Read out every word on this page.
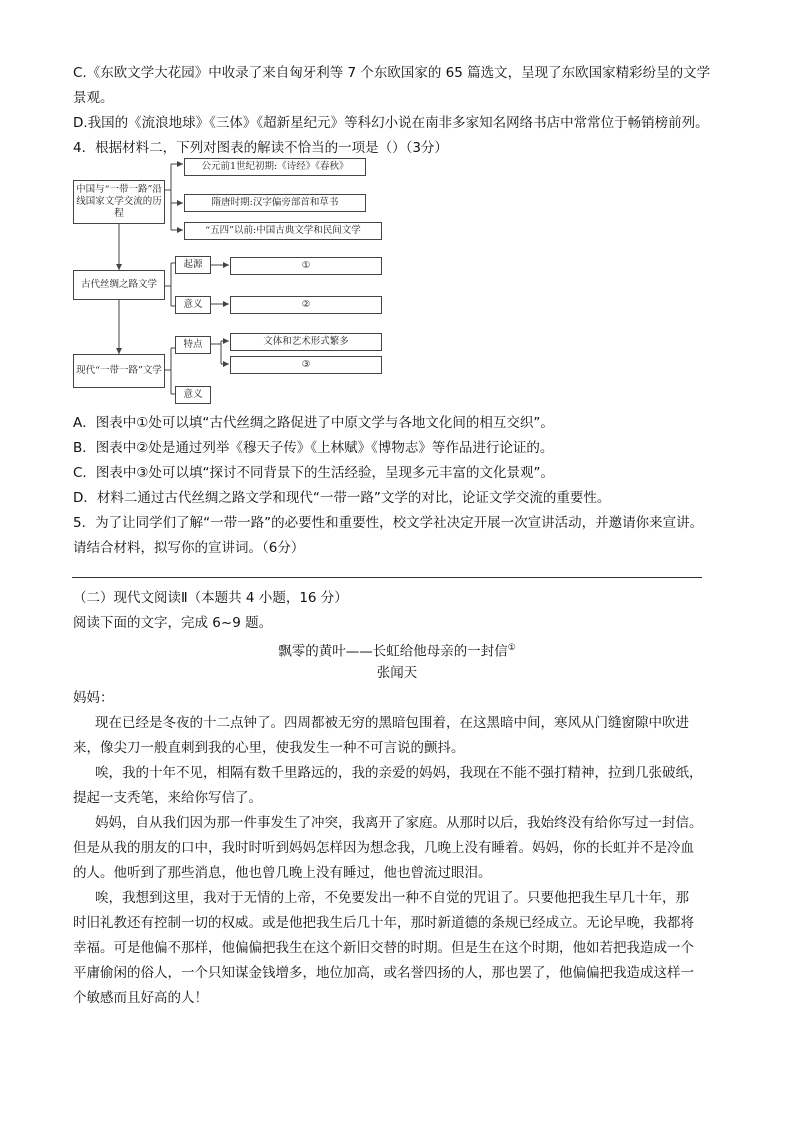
C.《东欧文学大花园》中收录了来自匈牙利等 7 个东欧国家的 65 篇选文，呈现了东欧国家精彩纷呈的文学
景观。
D.我国的《流浪地球》《三体》《超新星纪元》等科幻小说在南非多家知名网络书店中常常位于畅销榜前列。
4．根据材料二，下列对图表的解读不恰当的一项是（）（3分）
中国与“一带一路”沿线国家文学交流的历程
公元前1世纪初期:《诗经》《春秋》
隋唐时期:汉字偏旁部首和草书
“五四”以前:中国古典文学和民间文学
古代丝绸之路文学
起源	①
意义	②
现代“一带一路”文学
特点	文体和艺术形式繁多
③
意义
A．图表中①处可以填“古代丝绸之路促进了中原文学与各地文化间的相互交织”。
B．图表中②处是通过列举《穆天子传》《上林赋》《博物志》等作品进行论证的。
C．图表中③处可以填“探讨不同背景下的生活经验，呈现多元丰富的文化景观”。
D．材料二通过古代丝绸之路文学和现代“一带一路”文学的对比，论证文学交流的重要性。
5．为了让同学们了解“一带一路”的必要性和重要性，校文学社决定开展一次宣讲活动，并邀请你来宣讲。
请结合材料，拟写你的宣讲词。（6分）
（二）现代文阅读Ⅱ（本题共 4 小题，16 分）
阅读下面的文字，完成 6~9 题。
飘零的黄叶——长虹给他母亲的一封信①
张闻天
妈妈：
现在已经是冬夜的十二点钟了。四周都被无穷的黑暗包围着，在这黑暗中间，寒风从门缝窗隙中吹进
来，像尖刀一般直刺到我的心里，使我发生一种不可言说的颤抖。
唉，我的十年不见，相隔有数千里路远的，我的亲爱的妈妈，我现在不能不强打精神，拉到几张破纸，
提起一支秃笔，来给你写信了。
妈妈，自从我们因为那一件事发生了冲突，我离开了家庭。从那时以后，我始终没有给你写过一封信。
但是从我的朋友的口中，我时时听到妈妈怎样因为想念我，几晚上没有睡着。妈妈，你的长虹并不是冷血
的人。他听到了那些消息，他也曾几晚上没有睡过，他也曾流过眼泪。
唉，我想到这里，我对于无情的上帝，不免要发出一种不自觉的咒诅了。只要他把我生早几十年，那
时旧礼教还有控制一切的权威。或是他把我生后几十年，那时新道德的条规已经成立。无论早晚，我都将
幸福。可是他偏不那样，他偏偏把我生在这个新旧交替的时期。但是生在这个时期，他如若把我造成一个
平庸偷闲的俗人，一个只知谋金钱增多，地位加高，或名誉四扬的人，那也罢了，他偏偏把我造成这样一
个敏感而且好高的人！
